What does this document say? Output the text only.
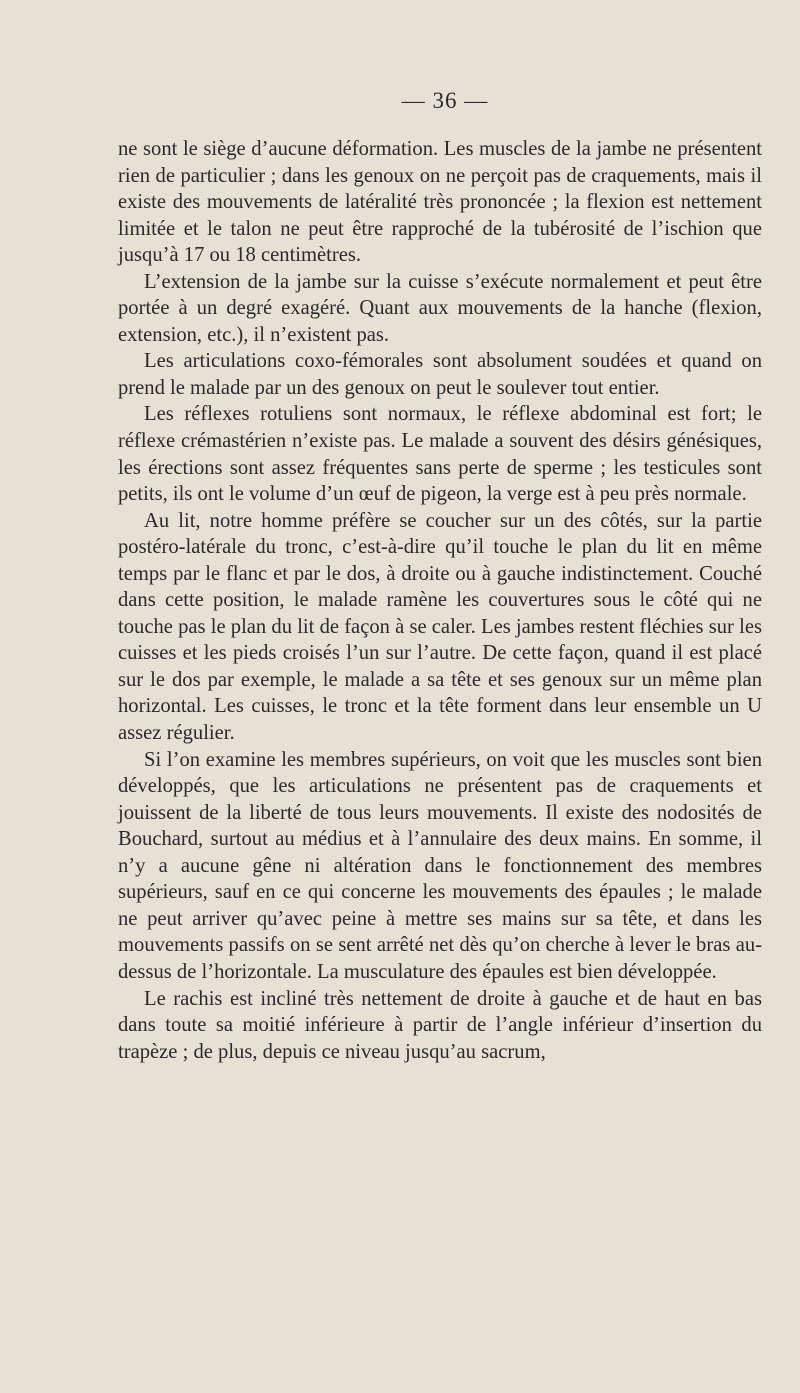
— 36 —

ne sont le siège d’aucune déformation. Les muscles de la jambe ne présentent rien de particulier ; dans les genoux on ne perçoit pas de craquements, mais il existe des mouvements de latéralité très prononcée ; la flexion est nettement limitée et le talon ne peut être rapproché de la tubérosité de l’ischion que jusqu’à 17 ou 18 centimètres.

L’extension de la jambe sur la cuisse s’exécute normalement et peut être portée à un degré exagéré. Quant aux mouvements de la hanche (flexion, extension, etc.), il n’existent pas.

Les articulations coxo-fémorales sont absolument soudées et quand on prend le malade par un des genoux on peut le soulever tout entier.

Les réflexes rotuliens sont normaux, le réflexe abdominal est fort; le réflexe crémastérien n’existe pas. Le malade a souvent des désirs génésiques, les érections sont assez fréquentes sans perte de sperme ; les testicules sont petits, ils ont le volume d’un œuf de pigeon, la verge est à peu près normale.

Au lit, notre homme préfère se coucher sur un des côtés, sur la partie postéro-latérale du tronc, c’est-à-dire qu’il touche le plan du lit en même temps par le flanc et par le dos, à droite ou à gauche indistinctement. Couché dans cette position, le malade ramène les couvertures sous le côté qui ne touche pas le plan du lit de façon à se caler. Les jambes restent fléchies sur les cuisses et les pieds croisés l’un sur l’autre. De cette façon, quand il est placé sur le dos par exemple, le malade a sa tête et ses genoux sur un même plan horizontal. Les cuisses, le tronc et la tête forment dans leur ensemble un U assez régulier.

Si l’on examine les membres supérieurs, on voit que les muscles sont bien développés, que les articulations ne présentent pas de craquements et jouissent de la liberté de tous leurs mouvements. Il existe des nodosités de Bouchard, surtout au médius et à l’annulaire des deux mains. En somme, il n’y a aucune gêne ni altération dans le fonctionnement des membres supérieurs, sauf en ce qui concerne les mouvements des épaules ; le malade ne peut arriver qu’avec peine à mettre ses mains sur sa tête, et dans les mouvements passifs on se sent arrêté net dès qu’on cherche à lever le bras au-dessus de l’horizontale. La musculature des épaules est bien développée.

Le rachis est incliné très nettement de droite à gauche et de haut en bas dans toute sa moitié inférieure à partir de l’angle inférieur d’insertion du trapèze ; de plus, depuis ce niveau jusqu’au sacrum,
